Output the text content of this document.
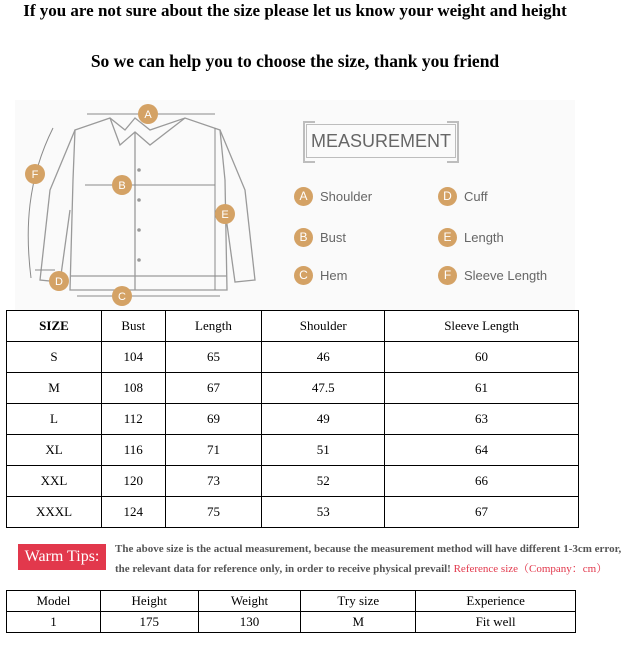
If you are not sure about the size please let us know your weight and height
So we can help you to choose the size, thank you friend
A
B
C
D
E
F
MEASUREMENT
A Shoulder
B Bust
C Hem
D Cuff
E Length
F Sleeve Length
SIZE	Bust	Length	Shoulder	Sleeve Length
S	104	65	46	60
M	108	67	47.5	61
L	112	69	49	63
XL	116	71	51	64
XXL	120	73	52	66
XXXL	124	75	53	67
Warm Tips:	The above size is the actual measurement, because the measurement method will have different 1-3cm error,
the relevant data for reference only, in order to receive physical prevail! Reference size（Company：cm）
Model	Height	Weight	Try size	Experience
1	175	130	M	Fit well
